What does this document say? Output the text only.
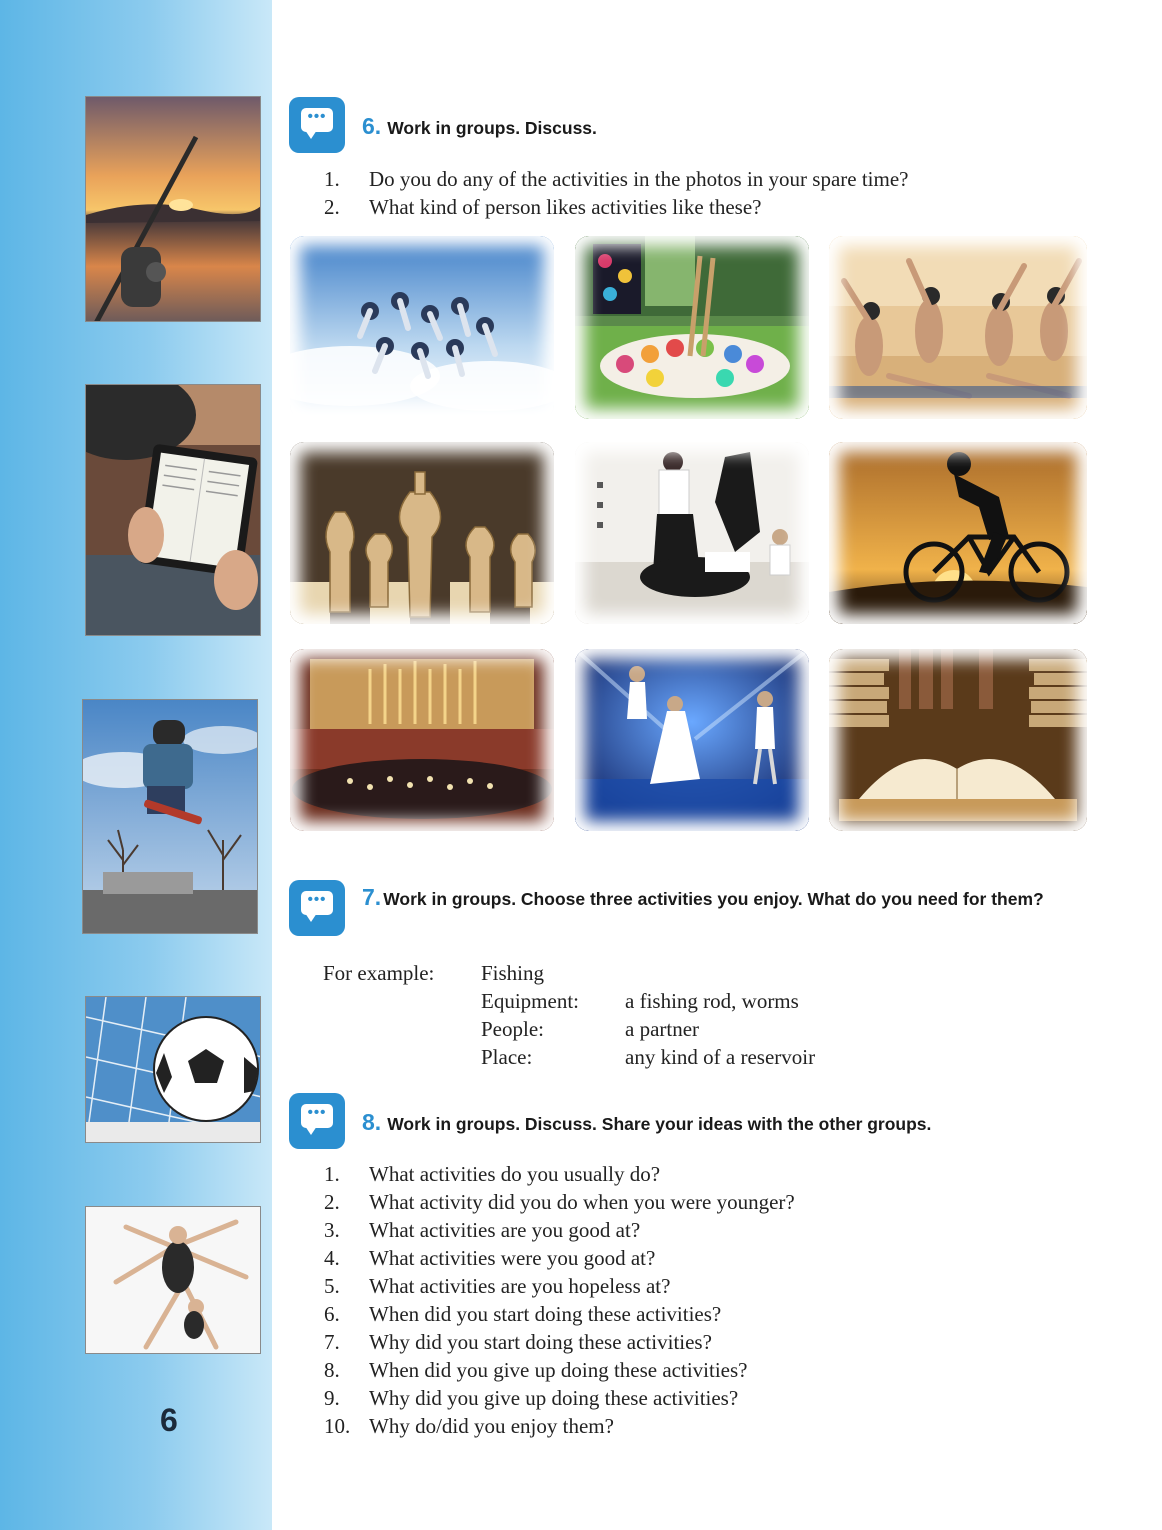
6
••• 6. Work in groups. Discuss.
1.	Do you do any of the activities in the photos in your spare time?
2.	What kind of person likes activities like these?
••• 7. Work in groups. Choose three activities you enjoy. What do you need for them?
For example: Fishing
Equipment: a fishing rod, worms
People:	a partner
Place:	any kind of a reservoir
••• 8. Work in groups. Discuss. Share your ideas with the other groups.
1.	What activities do you usually do?
2.	What activity did you do when you were younger?
3.	What activities are you good at?
4.	What activities were you good at?
5.	What activities are you hopeless at?
6.	When did you start doing these activities?
7.	Why did you start doing these activities?
8.	When did you give up doing these activities?
9.	Why did you give up doing these activities?
10. Why do/did you enjoy them?
